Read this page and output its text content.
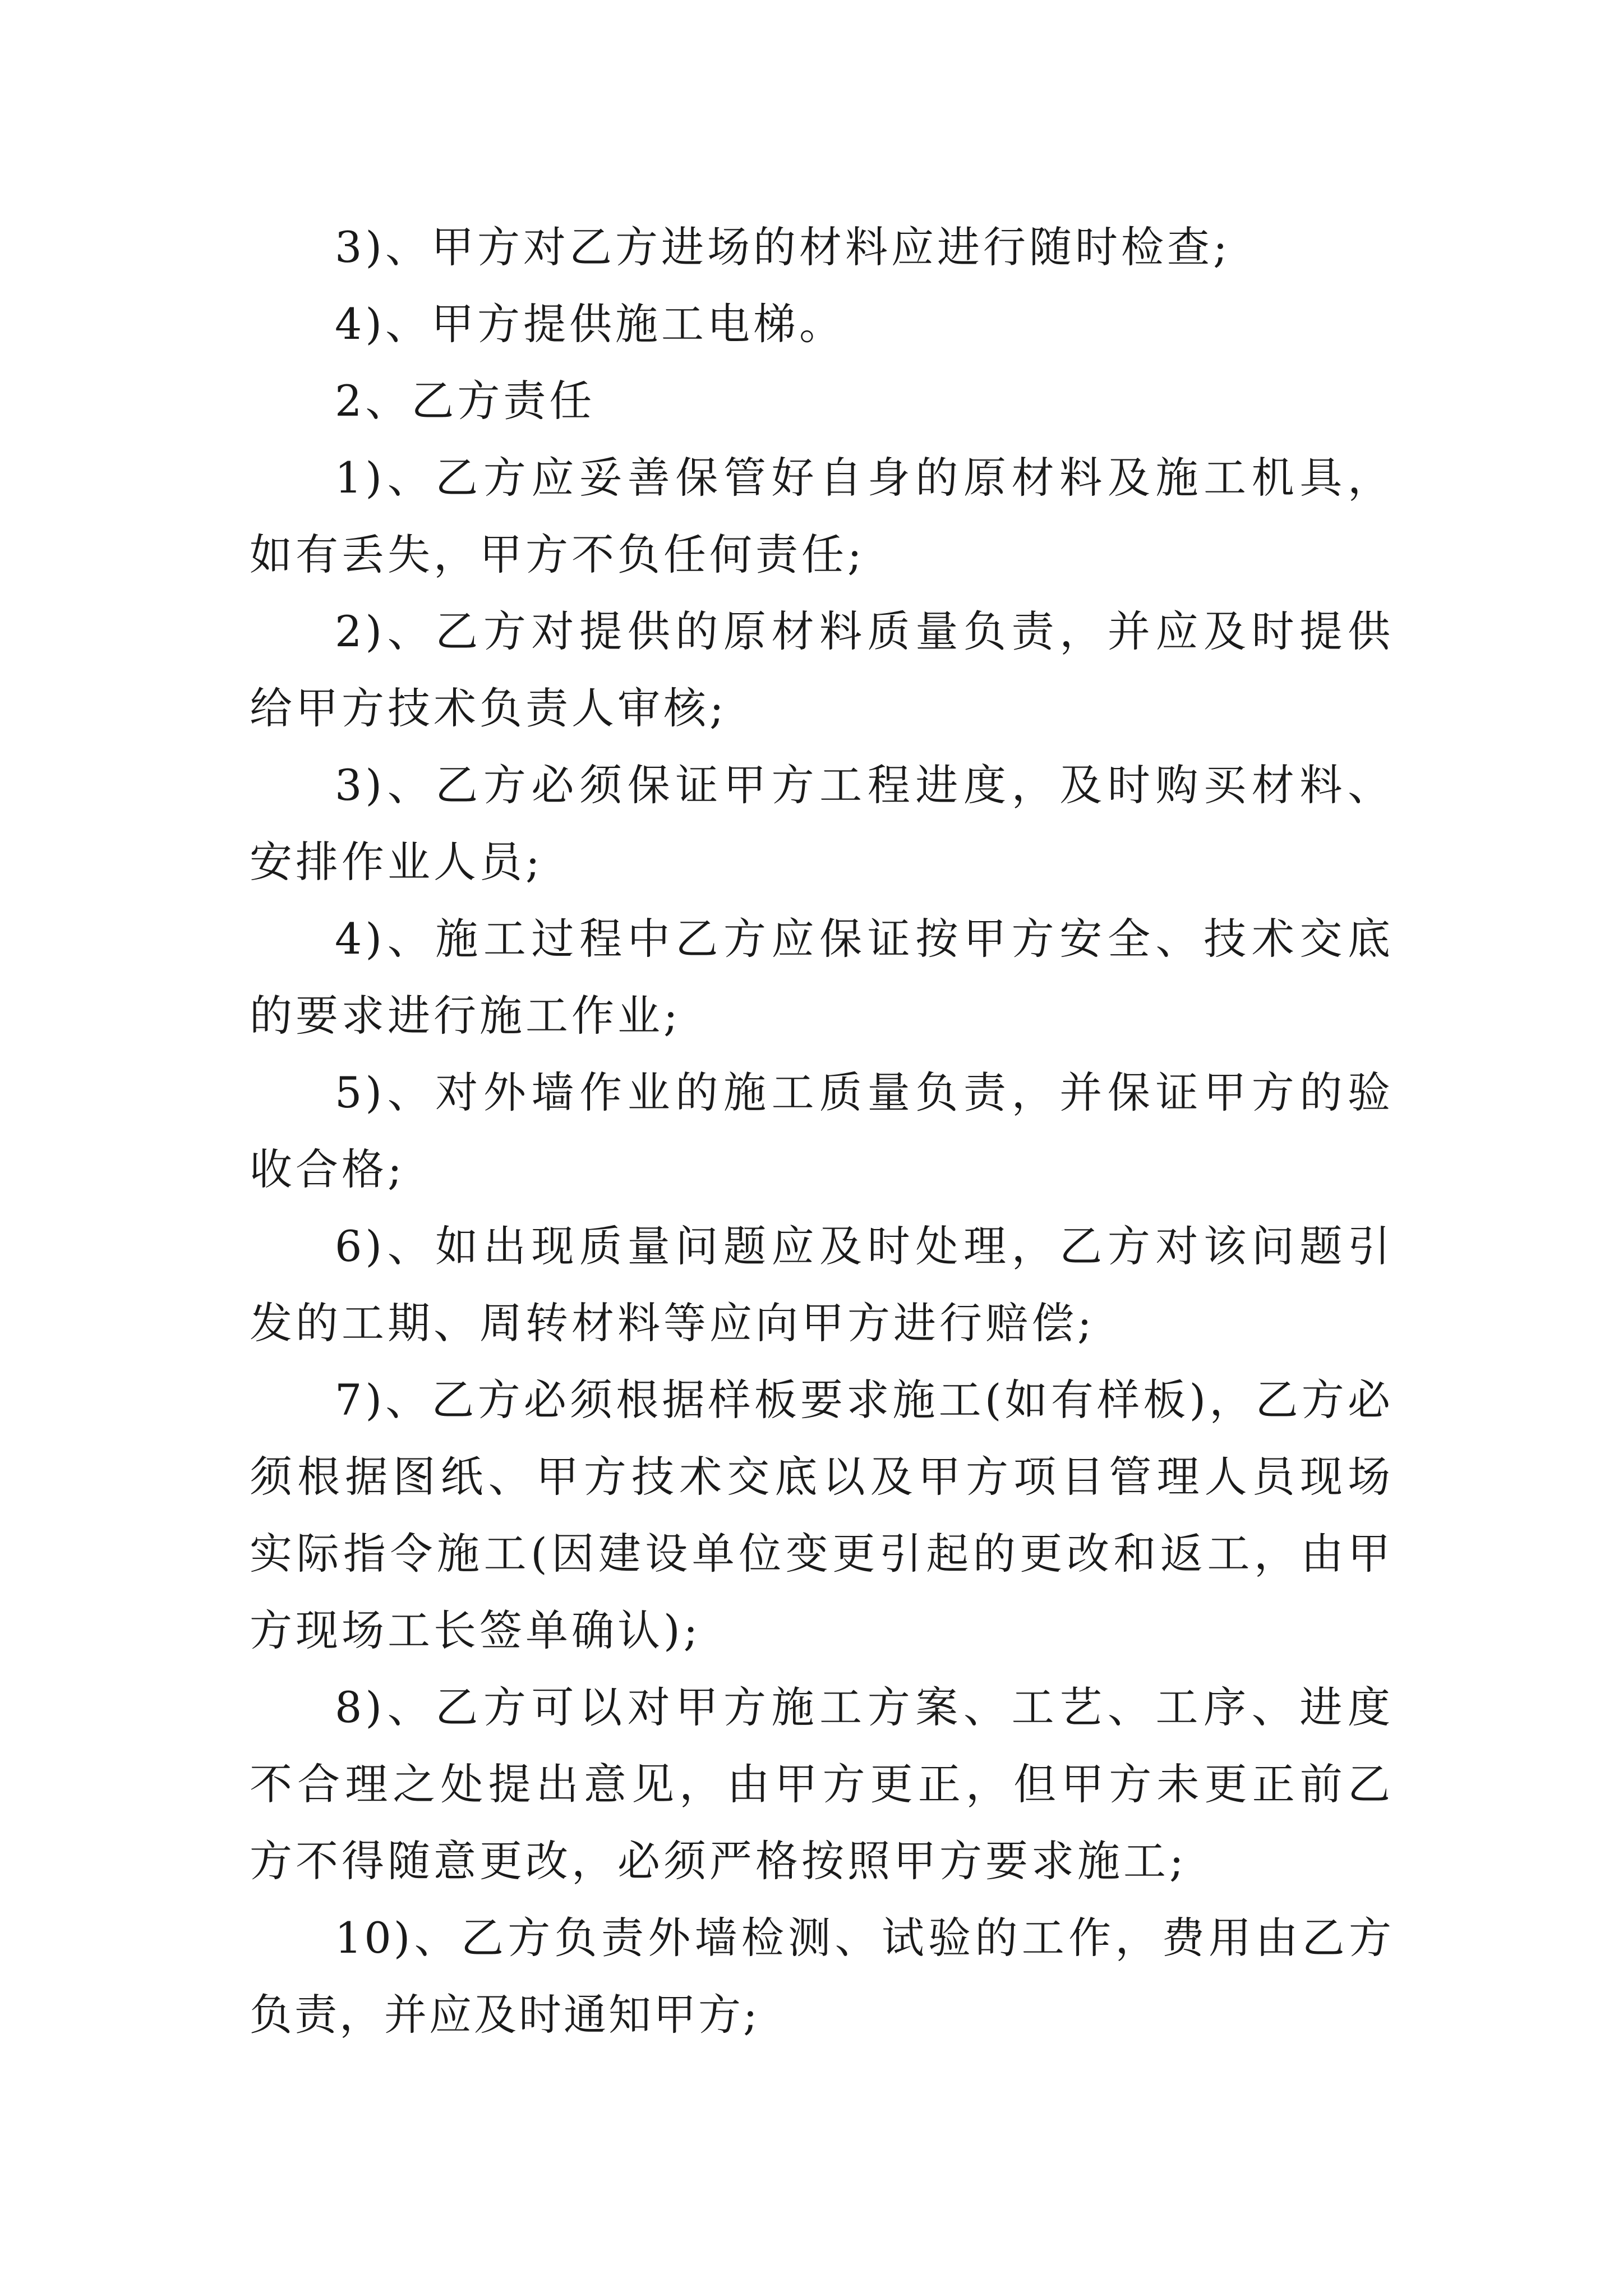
3)、甲方对乙方进场的材料应进行随时检查;

4)、甲方提供施工电梯。

2、乙方责任

1)、乙方应妥善保管好自身的原材料及施工机具，如有丢失，甲方不负任何责任;

2)、乙方对提供的原材料质量负责，并应及时提供给甲方技术负责人审核;

3)、乙方必须保证甲方工程进度，及时购买材料、安排作业人员;

4)、施工过程中乙方应保证按甲方安全、技术交底的要求进行施工作业;

5)、对外墙作业的施工质量负责，并保证甲方的验收合格;

6)、如出现质量问题应及时处理，乙方对该问题引发的工期、周转材料等应向甲方进行赔偿;

7)、乙方必须根据样板要求施工(如有样板)，乙方必须根据图纸、甲方技术交底以及甲方项目管理人员现场实际指令施工(因建设单位变更引起的更改和返工，由甲方现场工长签单确认);

8)、乙方可以对甲方施工方案、工艺、工序、进度不合理之处提出意见，由甲方更正，但甲方未更正前乙方不得随意更改，必须严格按照甲方要求施工;

10)、乙方负责外墙检测、试验的工作，费用由乙方负责，并应及时通知甲方;
